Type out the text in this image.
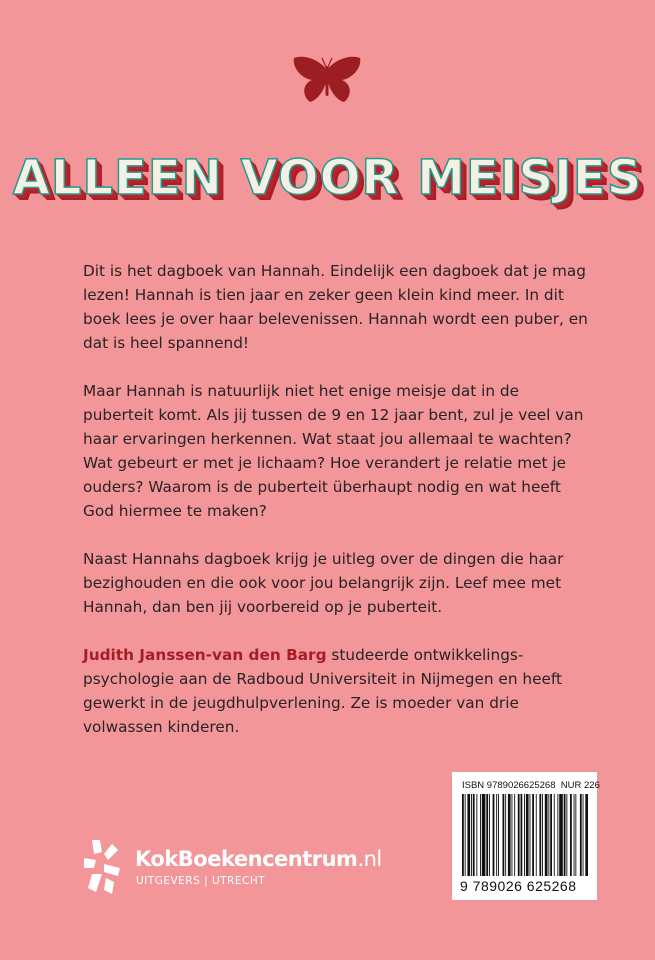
ALLEEN VOOR MEISJES

Dit is het dagboek van Hannah. Eindelijk een dagboek dat je mag lezen! Hannah is tien jaar en zeker geen klein kind meer. In dit boek lees je over haar belevenissen. Hannah wordt een puber, en dat is heel spannend!

Maar Hannah is natuurlijk niet het enige meisje dat in de puberteit komt. Als jij tussen de 9 en 12 jaar bent, zul je veel van haar ervaringen herkennen. Wat staat jou allemaal te wachten? Wat gebeurt er met je lichaam? Hoe verandert je relatie met je ouders? Waarom is de puberteit überhaupt nodig en wat heeft God hiermee te maken?

Naast Hannahs dagboek krijg je uitleg over de dingen die haar bezighouden en die ook voor jou belangrijk zijn. Leef mee met Hannah, dan ben jij voorbereid op je puberteit.

Judith Janssen-van den Barg studeerde ontwikkelings-psychologie aan de Radboud Universiteit in Nijmegen en heeft gewerkt in de jeugdhulpverlening. Ze is moeder van drie volwassen kinderen.

KokBoekencentrum.nl
UITGEVERS | UTRECHT
ISBN 9789026625268 NUR 226
9 789026 625268
